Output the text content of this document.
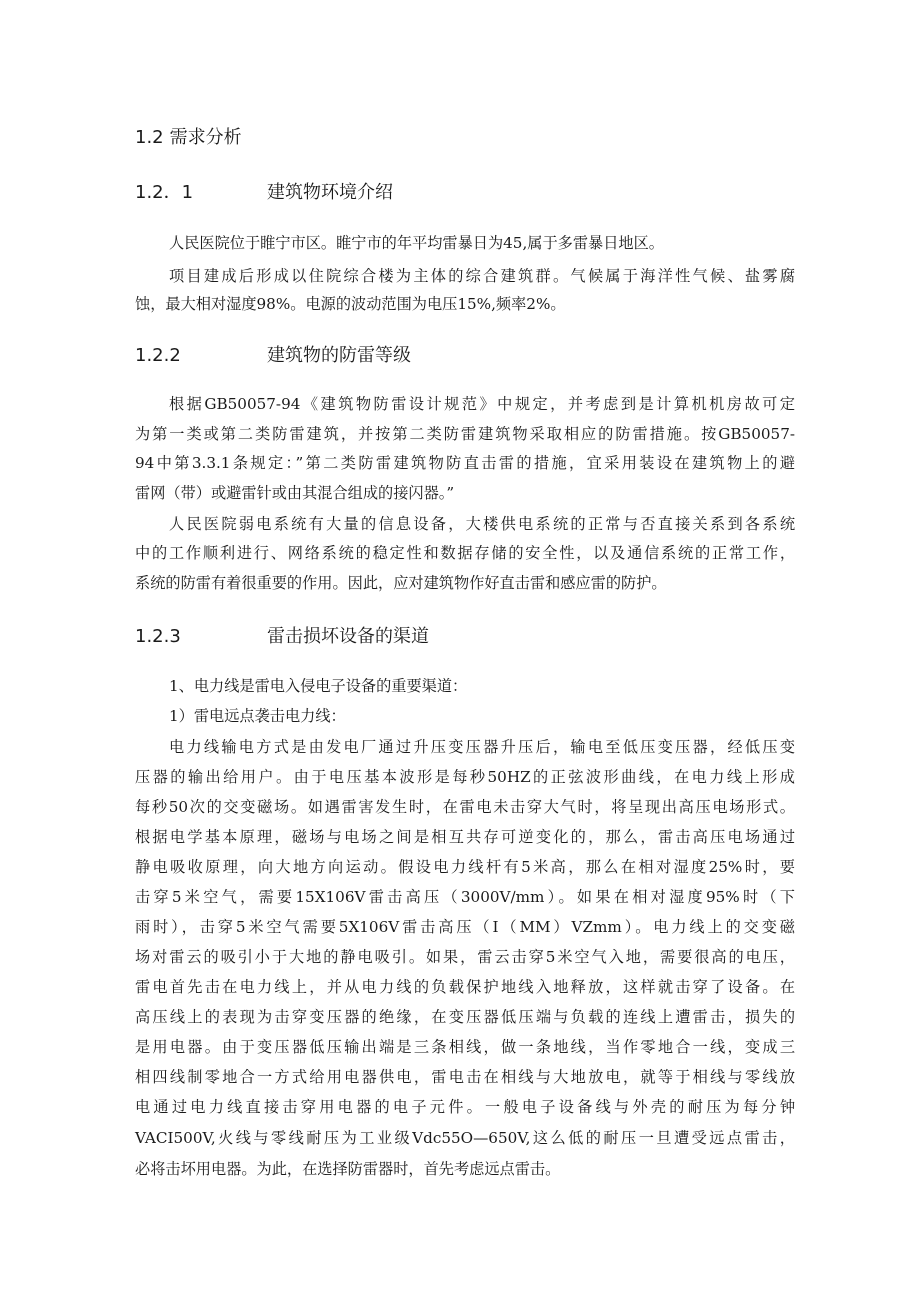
1.2 需求分析
1.2．1	建筑物环境介绍
人民医院位于睢宁市区。睢宁市的年平均雷暴日为45,属于多雷暴日地区。
项目建成后形成以住院综合楼为主体的综合建筑群。气候属于海洋性气候、盐雾腐
蚀，最大相对湿度98%。电源的波动范围为电压15%,频率2%。
1.2.2	建筑物的防雷等级
根据GB50057-94《建筑物防雷设计规范》中规定，并考虑到是计算机机房故可定
为第一类或第二类防雷建筑，并按第二类防雷建筑物采取相应的防雷措施。按GB50057-
94中第3.3.1条规定：”第二类防雷建筑物防直击雷的措施，宜采用装设在建筑物上的避
雷网（带）或避雷针或由其混合组成的接闪器。”
人民医院弱电系统有大量的信息设备，大楼供电系统的正常与否直接关系到各系统
中的工作顺利进行、网络系统的稳定性和数据存储的安全性，以及通信系统的正常工作，
系统的防雷有着很重要的作用。因此，应对建筑物作好直击雷和感应雷的防护。
1.2.3	雷击损坏设备的渠道
1、电力线是雷电入侵电子设备的重要渠道：
1）雷电远点袭击电力线：
电力线输电方式是由发电厂通过升压变压器升压后，输电至低压变压器，经低压变
压器的输出给用户。由于电压基本波形是每秒50HZ的正弦波形曲线，在电力线上形成
每秒50次的交变磁场。如遇雷害发生时，在雷电未击穿大气时，将呈现出高压电场形式。
根据电学基本原理，磁场与电场之间是相互共存可逆变化的，那么，雷击高压电场通过
静电吸收原理，向大地方向运动。假设电力线杆有5米高，那么在相对湿度25%时，要
击穿5米空气，需要15X106V雷击高压（3000V∕mm）。如果在相对湿度95%时（下
雨时），击穿5米空气需要5X106V雷击高压（I（MM）VZmm）。电力线上的交变磁
场对雷云的吸引小于大地的静电吸引。如果，雷云击穿5米空气入地，需要很高的电压，
雷电首先击在电力线上，并从电力线的负载保护地线入地释放，这样就击穿了设备。在
高压线上的表现为击穿变压器的绝缘，在变压器低压端与负载的连线上遭雷击，损失的
是用电器。由于变压器低压输出端是三条相线，做一条地线，当作零地合一线，变成三
相四线制零地合一方式给用电器供电，雷电击在相线与大地放电，就等于相线与零线放
电通过电力线直接击穿用电器的电子元件。一般电子设备线与外壳的耐压为每分钟
VACI500V,火线与零线耐压为工业级Vdc55O—650V,这么低的耐压一旦遭受远点雷击，
必将击坏用电器。为此，在选择防雷器时，首先考虑远点雷击。
